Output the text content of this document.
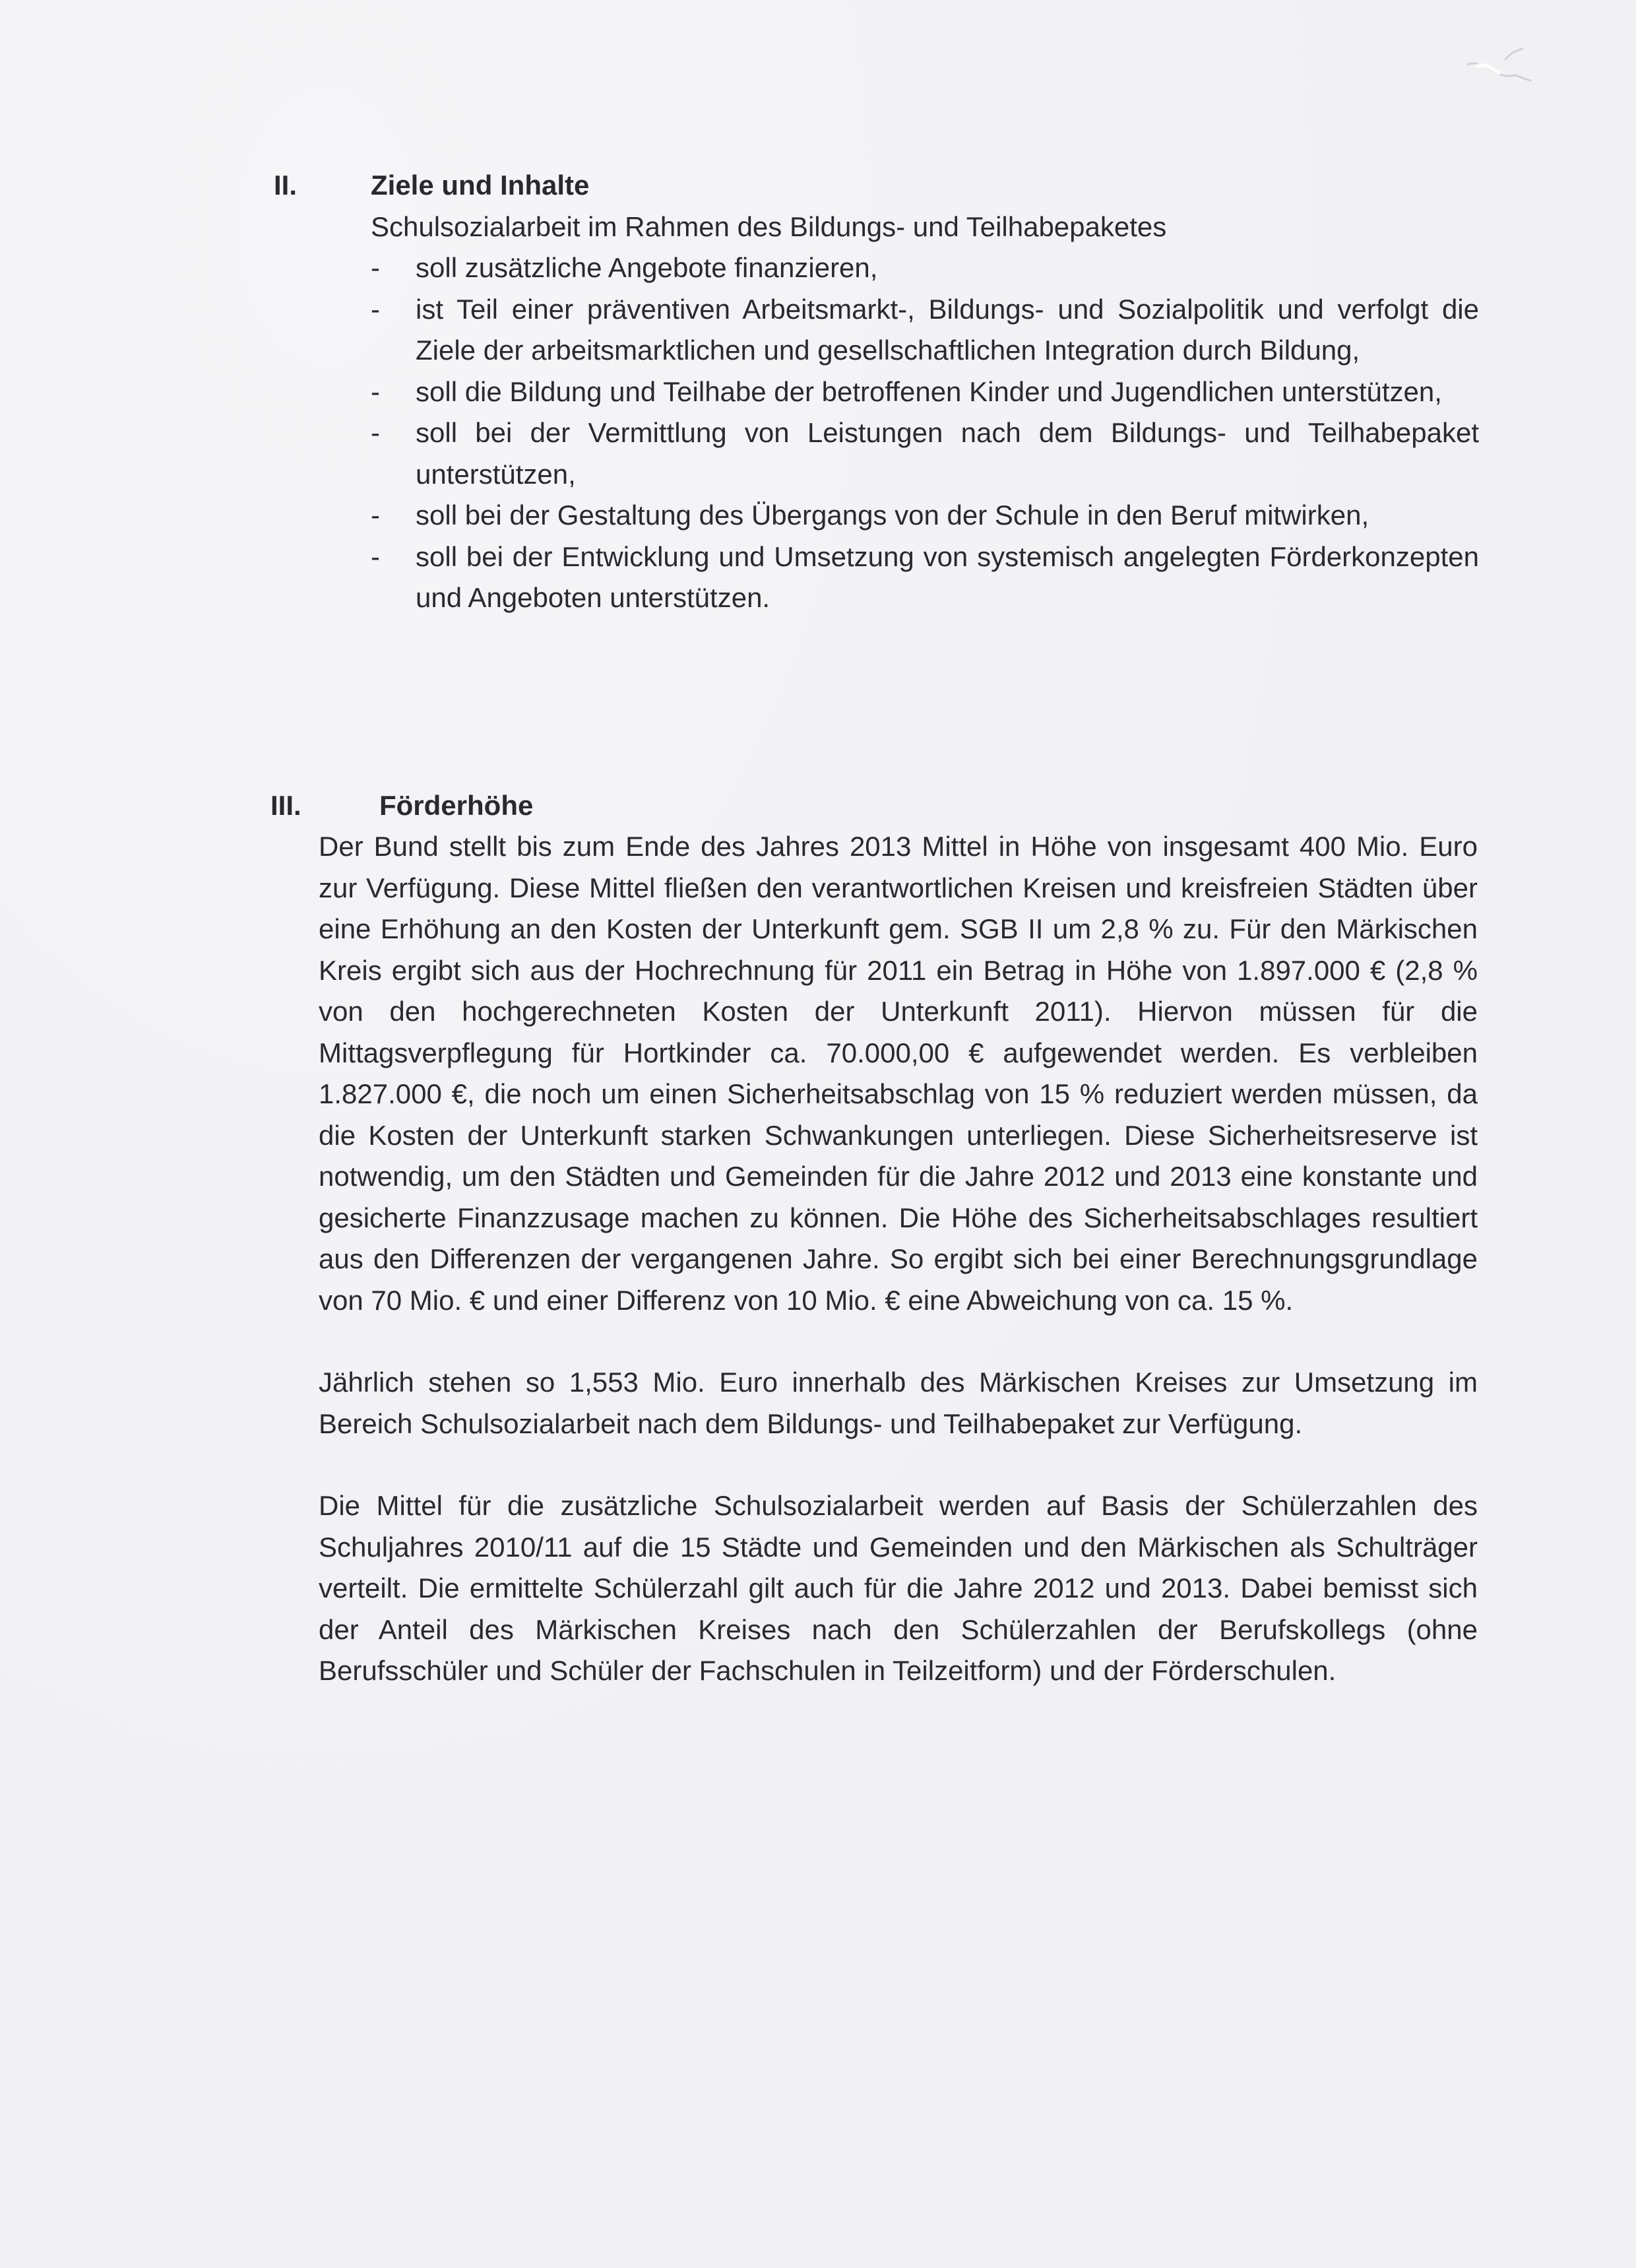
II.	Ziele und Inhalte
Schulsozialarbeit im Rahmen des Bildungs- und Teilhabepaketes
-	soll zusätzliche Angebote finanzieren,
-	ist Teil einer präventiven Arbeitsmarkt-, Bildungs- und Sozialpolitik und verfolgt die Ziele der arbeitsmarktlichen und gesellschaftlichen Integration durch Bildung,
-	soll die Bildung und Teilhabe der betroffenen Kinder und Jugendlichen unterstützen,
-	soll bei der Vermittlung von Leistungen nach dem Bildungs- und Teilhabepaket unterstützen,
-	soll bei der Gestaltung des Übergangs von der Schule in den Beruf mitwirken,
-	soll bei der Entwicklung und Umsetzung von systemisch angelegten Förderkonzepten und Angeboten unterstützen.
III.	Förderhöhe

Der Bund stellt bis zum Ende des Jahres 2013 Mittel in Höhe von insgesamt 400 Mio. Euro zur Verfügung. Diese Mittel fließen den verantwortlichen Kreisen und kreisfreien Städten über eine Erhöhung an den Kosten der Unterkunft gem. SGB II um 2,8 % zu. Für den Märkischen Kreis ergibt sich aus der Hochrechnung für 2011 ein Betrag in Höhe von 1.897.000 € (2,8 % von den hochgerechneten Kosten der Unterkunft 2011). Hiervon müssen für die Mittagsverpflegung für Hortkinder ca. 70.000,00 € aufgewendet werden. Es verbleiben 1.827.000 €, die noch um einen Sicherheitsabschlag von 15 % reduziert werden müssen, da die Kosten der Unterkunft starken Schwankungen unterliegen. Diese Sicherheitsreserve ist notwendig, um den Städten und Gemeinden für die Jahre 2012 und 2013 eine konstante und gesicherte Finanzzusage machen zu können. Die Höhe des Sicherheitsabschlages resultiert aus den Differenzen der vergangenen Jahre. So ergibt sich bei einer Berechnungsgrundlage von 70 Mio. € und einer Differenz von 10 Mio. € eine Abweichung von ca. 15 %.

Jährlich stehen so 1,553 Mio. Euro innerhalb des Märkischen Kreises zur Umsetzung im Bereich Schulsozialarbeit nach dem Bildungs- und Teilhabepaket zur Verfügung.

Die Mittel für die zusätzliche Schulsozialarbeit werden auf Basis der Schülerzahlen des Schuljahres 2010/11 auf die 15 Städte und Gemeinden und den Märkischen als Schulträger verteilt. Die ermittelte Schülerzahl gilt auch für die Jahre 2012 und 2013. Dabei bemisst sich der Anteil des Märkischen Kreises nach den Schülerzahlen der Berufskollegs (ohne Berufsschüler und Schüler der Fachschulen in Teilzeitform) und der Förderschulen.
